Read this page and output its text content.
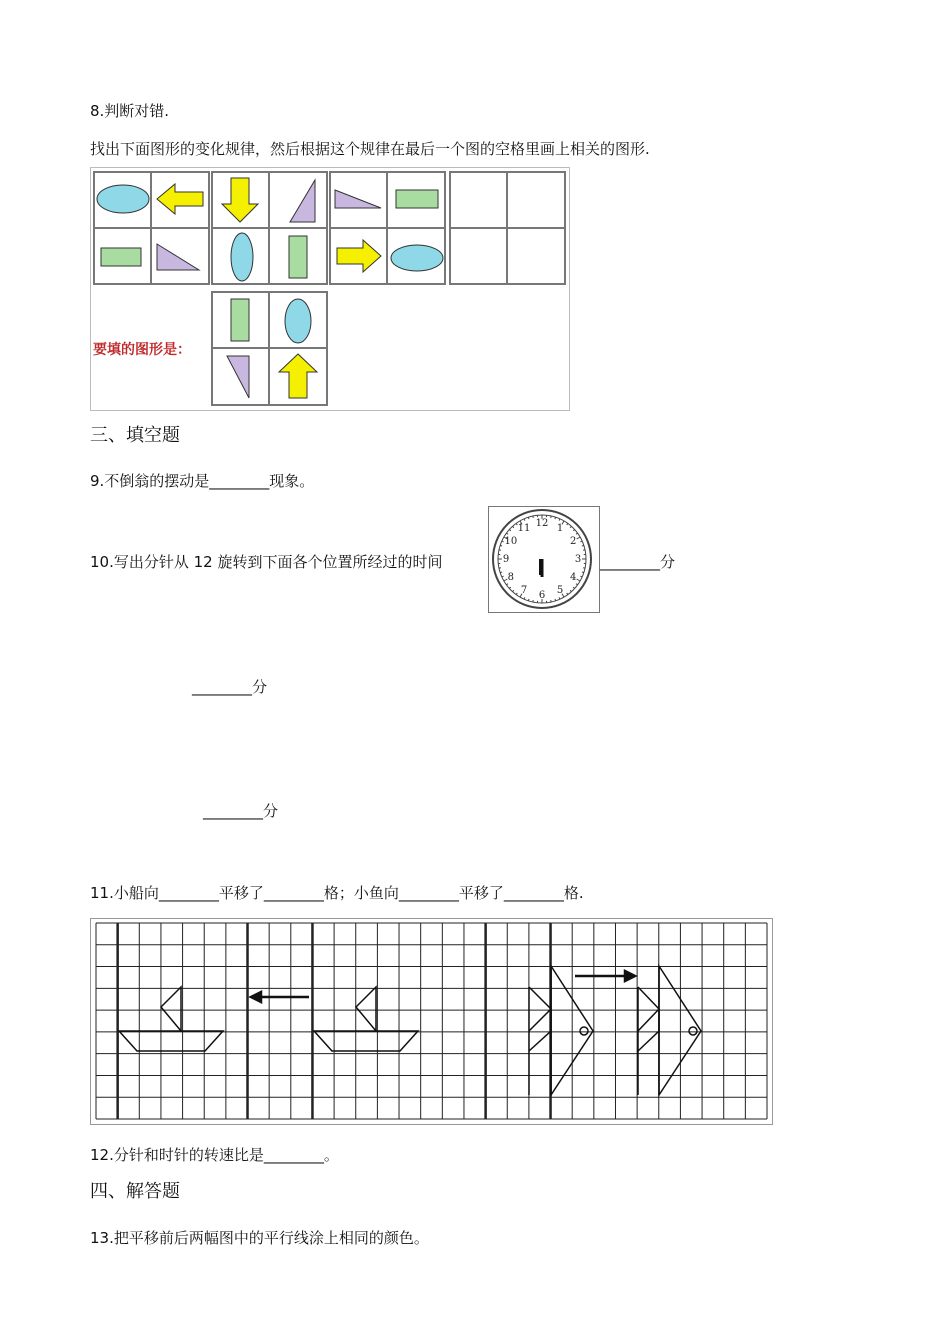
8.判断对错.
找出下面图形的变化规律，然后根据这个规律在最后一个图的空格里画上相关的图形.
要填的图形是：
三、填空题
9.不倒翁的摆动是________现象。
10.写出分针从 12 旋转到下面各个位置所经过的时间
12 1
2
3
4
5
6
7
8
9
10
11
________分
________分
________分
11.小船向________平移了________格；小鱼向________平移了________格.
12.分针和时针的转速比是________。
四、解答题
13.把平移前后两幅图中的平行线涂上相同的颜色。
